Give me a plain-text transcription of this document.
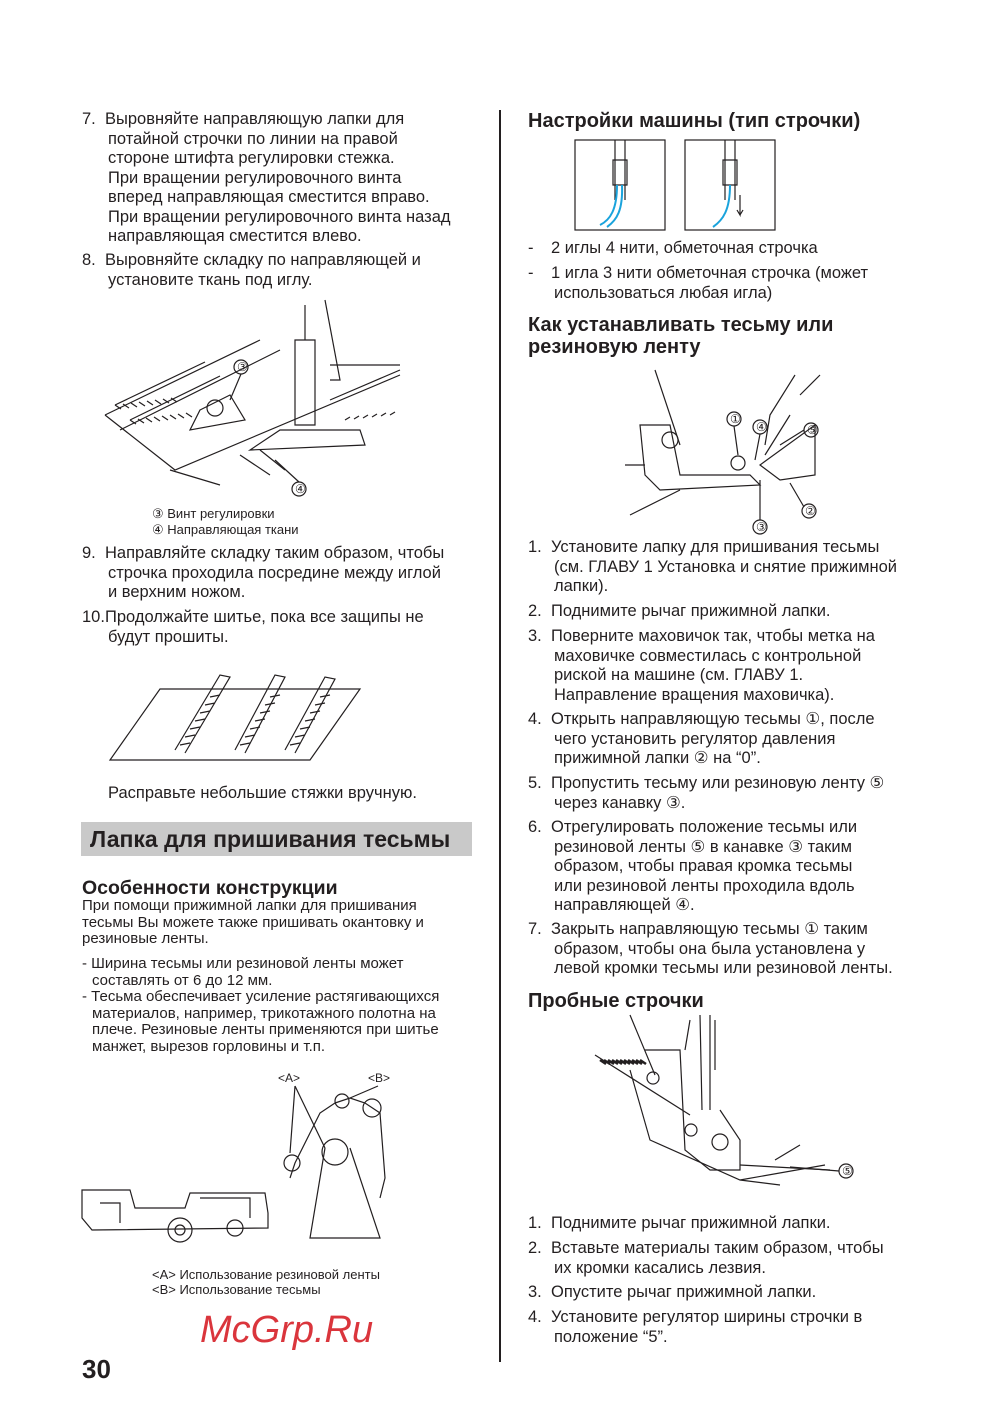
7. Выровняйте направляющую лапки для
потайной строчки по линии на правой
стороне штифта регулировки стежка.
При вращении регулировочного винта
вперед направляющая сместится вправо.
При вращении регулировочного винта назад
направляющая сместится влево.
8. Выровняйте складку по направляющей и
установите ткань под иглу.
③
④
③ Винт регулировки
④ Направляющая ткани
9. Направляйте складку таким образом, чтобы
строчка проходила посредине между иглой
и верхним ножом.
10.Продолжайте шитье, пока все защипы не
будут прошиты.
Расправьте небольшие стяжки вручную.
Лапка для пришивания тесьмы
Особенности конструкции
При помощи прижимной лапки для пришивания
тесьмы Вы можете также пришивать окантовку и
резиновые ленты.
- Ширина тесьмы или резиновой ленты может
составлять от 6 до 12 мм.
- Тесьма обеспечивает усиление растягивающихся
материалов, например, трикотажного полотна на
плече. Резиновые ленты применяются при шитье
манжет, вырезов горловины и т.п.
<A>	<B>
<A> Использование резиновой ленты
<B> Использование тесьмы
30
Настройки машины (тип строчки)
- 2 иглы 4 нити, обметочная строчка
- 1 игла 3 нити обметочная строчка (может
использоваться любая игла)
Как устанавливать тесьму или
резиновую ленту
①
④	⑤
②
③
1. Установите лапку для пришивания тесьмы
(см. ГЛАВУ 1 Установка и снятие прижимной
лапки).
2. Поднимите рычаг прижимной лапки.
3. Поверните маховичок так, чтобы метка на
маховичке совместилась с контрольной
риской на машине (см. ГЛАВУ 1.
Направление вращения маховичка).
4. Открыть направляющую тесьмы ①, после
чего установить регулятор давления
прижимной лапки ② на “0”.
5. Пропустить тесьму или резиновую ленту ⑤
через канавку ③.
6. Отрегулировать положение тесьмы или
резиновой ленты ⑤ в канавке ③ таким
образом, чтобы правая кромка тесьмы
или резиновой ленты проходила вдоль
направляющей ④.
7. Закрыть направляющую тесьмы ① таким
образом, чтобы она была установлена у
левой кромки тесьмы или резиновой ленты.
Пробные строчки
⑤
1. Поднимите рычаг прижимной лапки.
2. Вставьте материалы таким образом, чтобы
их кромки касались лезвия.
3. Опустите рычаг прижимной лапки.
4. Установите регулятор ширины строчки в
положение “5”.
McGrp.Ru
